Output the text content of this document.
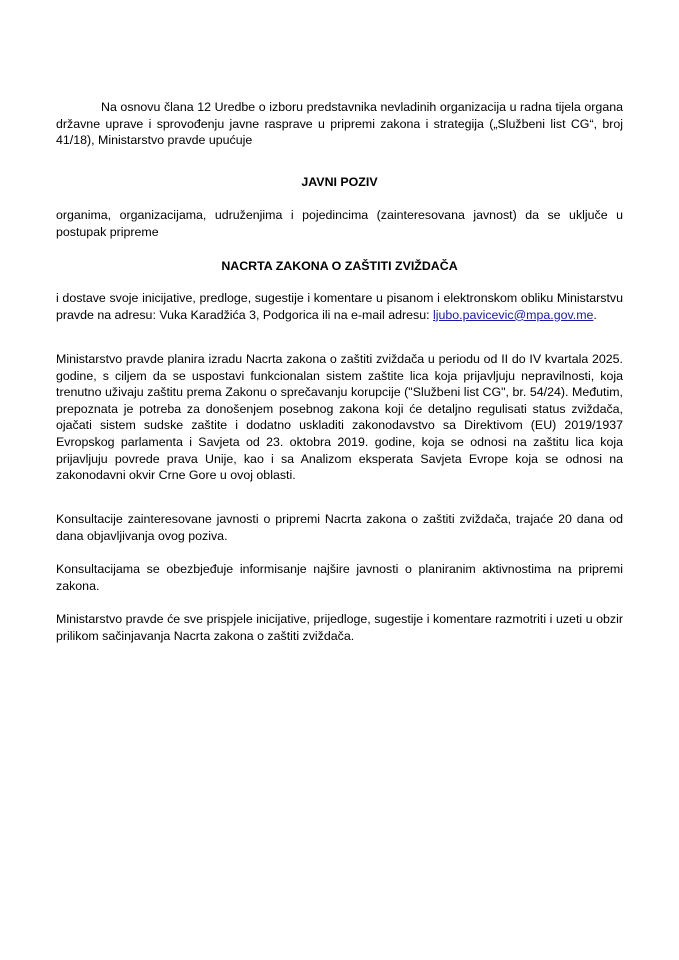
Na osnovu člana 12 Uredbe o izboru predstavnika nevladinih organizacija u radna tijela organa državne uprave i sprovođenju javne rasprave u pripremi zakona i strategija („Službeni list CG“, broj 41/18), Ministarstvo pravde upućuje

JAVNI POZIV

organima, organizacijama, udruženjima i pojedincima (zainteresovana javnost) da se uključe u postupak pripreme

NACRTA ZAKONA O ZAŠTITI ZVIŽDAČA

i dostave svoje inicijative, predloge, sugestije i komentare u pisanom i elektronskom obliku Ministarstvu pravde na adresu: Vuka Karadžića 3, Podgorica ili na e-mail adresu: ljubo.pavicevic@mpa.gov.me.

Ministarstvo pravde planira izradu Nacrta zakona o zaštiti zviždača u periodu od II do IV kvartala 2025. godine, s ciljem da se uspostavi funkcionalan sistem zaštite lica koja prijavljuju nepravilnosti, koja trenutno uživaju zaštitu prema Zakonu o sprečavanju korupcije ("Službeni list CG", br. 54/24). Međutim, prepoznata je potreba za donošenjem posebnog zakona koji će detaljno regulisati status zviždača, ojačati sistem sudske zaštite i dodatno uskladiti zakonodavstvo sa Direktivom (EU) 2019/1937 Evropskog parlamenta i Savjeta od 23. oktobra 2019. godine, koja se odnosi na zaštitu lica koja prijavljuju povrede prava Unije, kao i sa Analizom eksperata Savjeta Evrope koja se odnosi na zakonodavni okvir Crne Gore u ovoj oblasti.

Konsultacije zainteresovane javnosti o pripremi Nacrta zakona o zaštiti zviždača, trajaće 20 dana od dana objavljivanja ovog poziva.

Konsultacijama se obezbjeđuje informisanje najšire javnosti o planiranim aktivnostima na pripremi zakona.

Ministarstvo pravde će sve prispjele inicijative, prijedloge, sugestije i komentare razmotriti i uzeti u obzir prilikom sačinjavanja Nacrta zakona o zaštiti zviždača.
